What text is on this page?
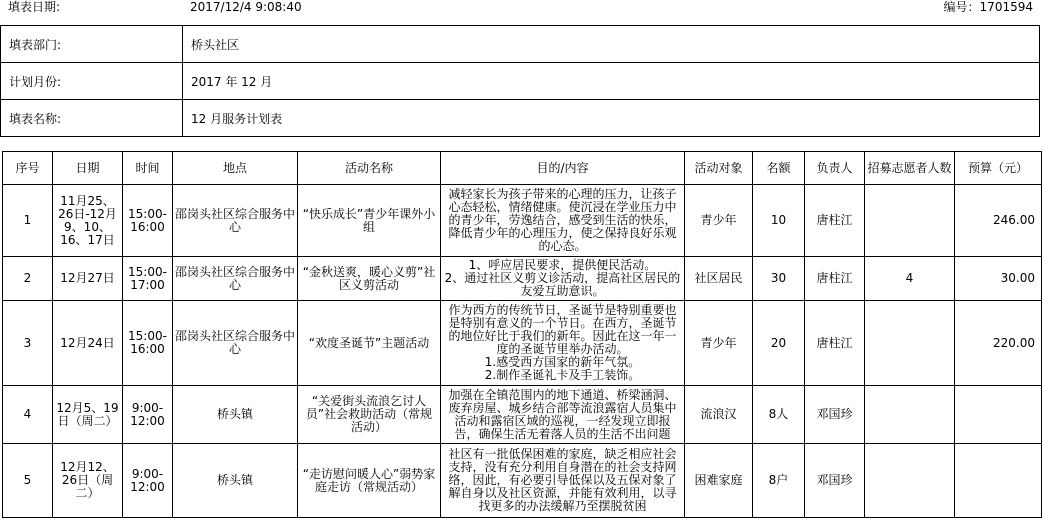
填表日期:	2017/12/4 9:08:40	编号：1701594
填表部门:	桥头社区
计划月份:	2017 年 12 月
填表名称:	12 月服务计划表
序号	日期	时间	地点	活动名称	目的/内容	活动对象	名额	负责人	招募志愿者人数	预算（元）
1	11月25、26日-12月9、10、16、17日	15:00-16:00	邵岗头社区综合服务中心	“快乐成长”青少年课外小组	减轻家长为孩子带来的心理的压力，让孩子心态轻松，情绪健康。使沉浸在学业压力中的青少年，劳逸结合，感受到生活的快乐，降低青少年的心理压力，使之保持良好乐观的心态。	青少年	10	唐柱江		246.00
2	12月27日	15:00-17:00	邵岗头社区综合服务中心	“金秋送爽，暖心义剪”社区义剪活动	1、呼应居民要求，提供便民活动。
2、通过社区义剪义诊活动，提高社区居民的友爱互助意识。	社区居民	30	唐柱江	4	30.00
3	12月24日	15:00-16:00	邵岗头社区综合服务中心	“欢度圣诞节”主题活动	作为西方的传统节日，圣诞节是特别重要也是特别有意义的一个节日。在西方，圣诞节的地位好比于我们的新年。因此在这一年一度的圣诞节里举办活动。
1.感受西方国家的新年气氛。
2.制作圣诞礼卡及手工装饰。	青少年	20	唐柱江		220.00
4	12月5、19日（周二）	9:00-12:00	桥头镇	“关爱街头流浪乞讨人员”社会救助活动（常规活动）	加强在全镇范围内的地下通道、桥梁涵洞、废弃房屋、城乡结合部等流浪露宿人员集中活动和露宿区域的巡视，一经发现立即报告，确保生活无着落人员的生活不出问题	流浪汉	8人	邓国珍		
5	12月12、26日（周二）	9:00-12:00	桥头镇	“走访慰问暖人心”弱势家庭走访（常规活动）	社区有一批低保困难的家庭，缺乏相应社会支持，没有充分利用自身潜在的社会支持网络，因此，有必要引导低保以及五保对象了解自身以及社区资源，并能有效利用，以寻找更多的办法缓解乃至摆脱贫困	困难家庭	8户	邓国珍		
